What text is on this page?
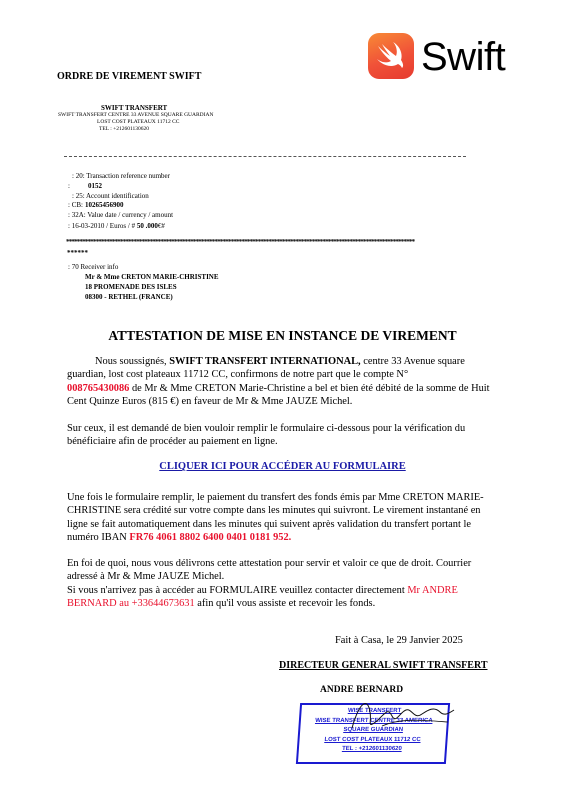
Swift
ORDRE DE VIREMENT SWIFT
SWIFT TRANSFERT
SWIFT TRANSFERT CENTRE 33 AVENUE SQUARE GUARDIAN
LOST COST PLATEAUX 11712 CC
TEL : +212601130620
: 20: Transaction reference number
:	0152
: 25: Account identification
: CB: 10265456900
: 32A: Value date / currency / amount
: 16-03-2010 / Euros / # 50 .000€#
*********************************************************************************************************************************
******
: 70 Receiver info
Mr & Mme CRETON MARIE-CHRISTINE
18 PROMENADE DES ISLES
08300 - RETHEL (FRANCE)
ATTESTATION DE MISE EN INSTANCE DE VIREMENT
Nous soussignés, SWIFT TRANSFERT INTERNATIONAL, centre 33 Avenue square guardian, lost cost plateaux 11712 CC, confirmons de notre part que le compte N°
008765430086 de Mr & Mme CRETON Marie-Christine a bel et bien été débité de la somme de Huit Cent Quinze Euros (815 €) en faveur de Mr & Mme JAUZE Michel.
Sur ceux, il est demandé de bien vouloir remplir le formulaire ci-dessous pour la vérification du bénéficiaire afin de procéder au paiement en ligne.
CLIQUER ICI POUR ACCÉDER AU FORMULAIRE
Une fois le formulaire remplir, le paiement du transfert des fonds émis par Mme CRETON MARIE-CHRISTINE sera crédité sur votre compte dans les minutes qui suivront. Le virement instantané en ligne se fait automatiquement dans les minutes qui suivent après validation du transfert portant le numéro IBAN FR76 4061 8802 6400 0401 0181 952.
En foi de quoi, nous vous délivrons cette attestation pour servir et valoir ce que de droit. Courrier adressé à Mr & Mme JAUZE Michel.
Si vous n'arrivez pas à accéder au FORMULAIRE veuillez contacter directement Mr ANDRE BERNARD au +33644673631 afin qu'il vous assiste et recevoir les fonds.
Fait à Casa, le 29 Janvier 2025
DIRECTEUR GENERAL SWIFT TRANSFERT
ANDRE BERNARD
WISE TRANSFERT
WISE TRANSFERT CENTRE 33 AMERICA
SQUARE GUARDIAN
LOST COST PLATEAUX 11712 CC
TEL : +212601130620
